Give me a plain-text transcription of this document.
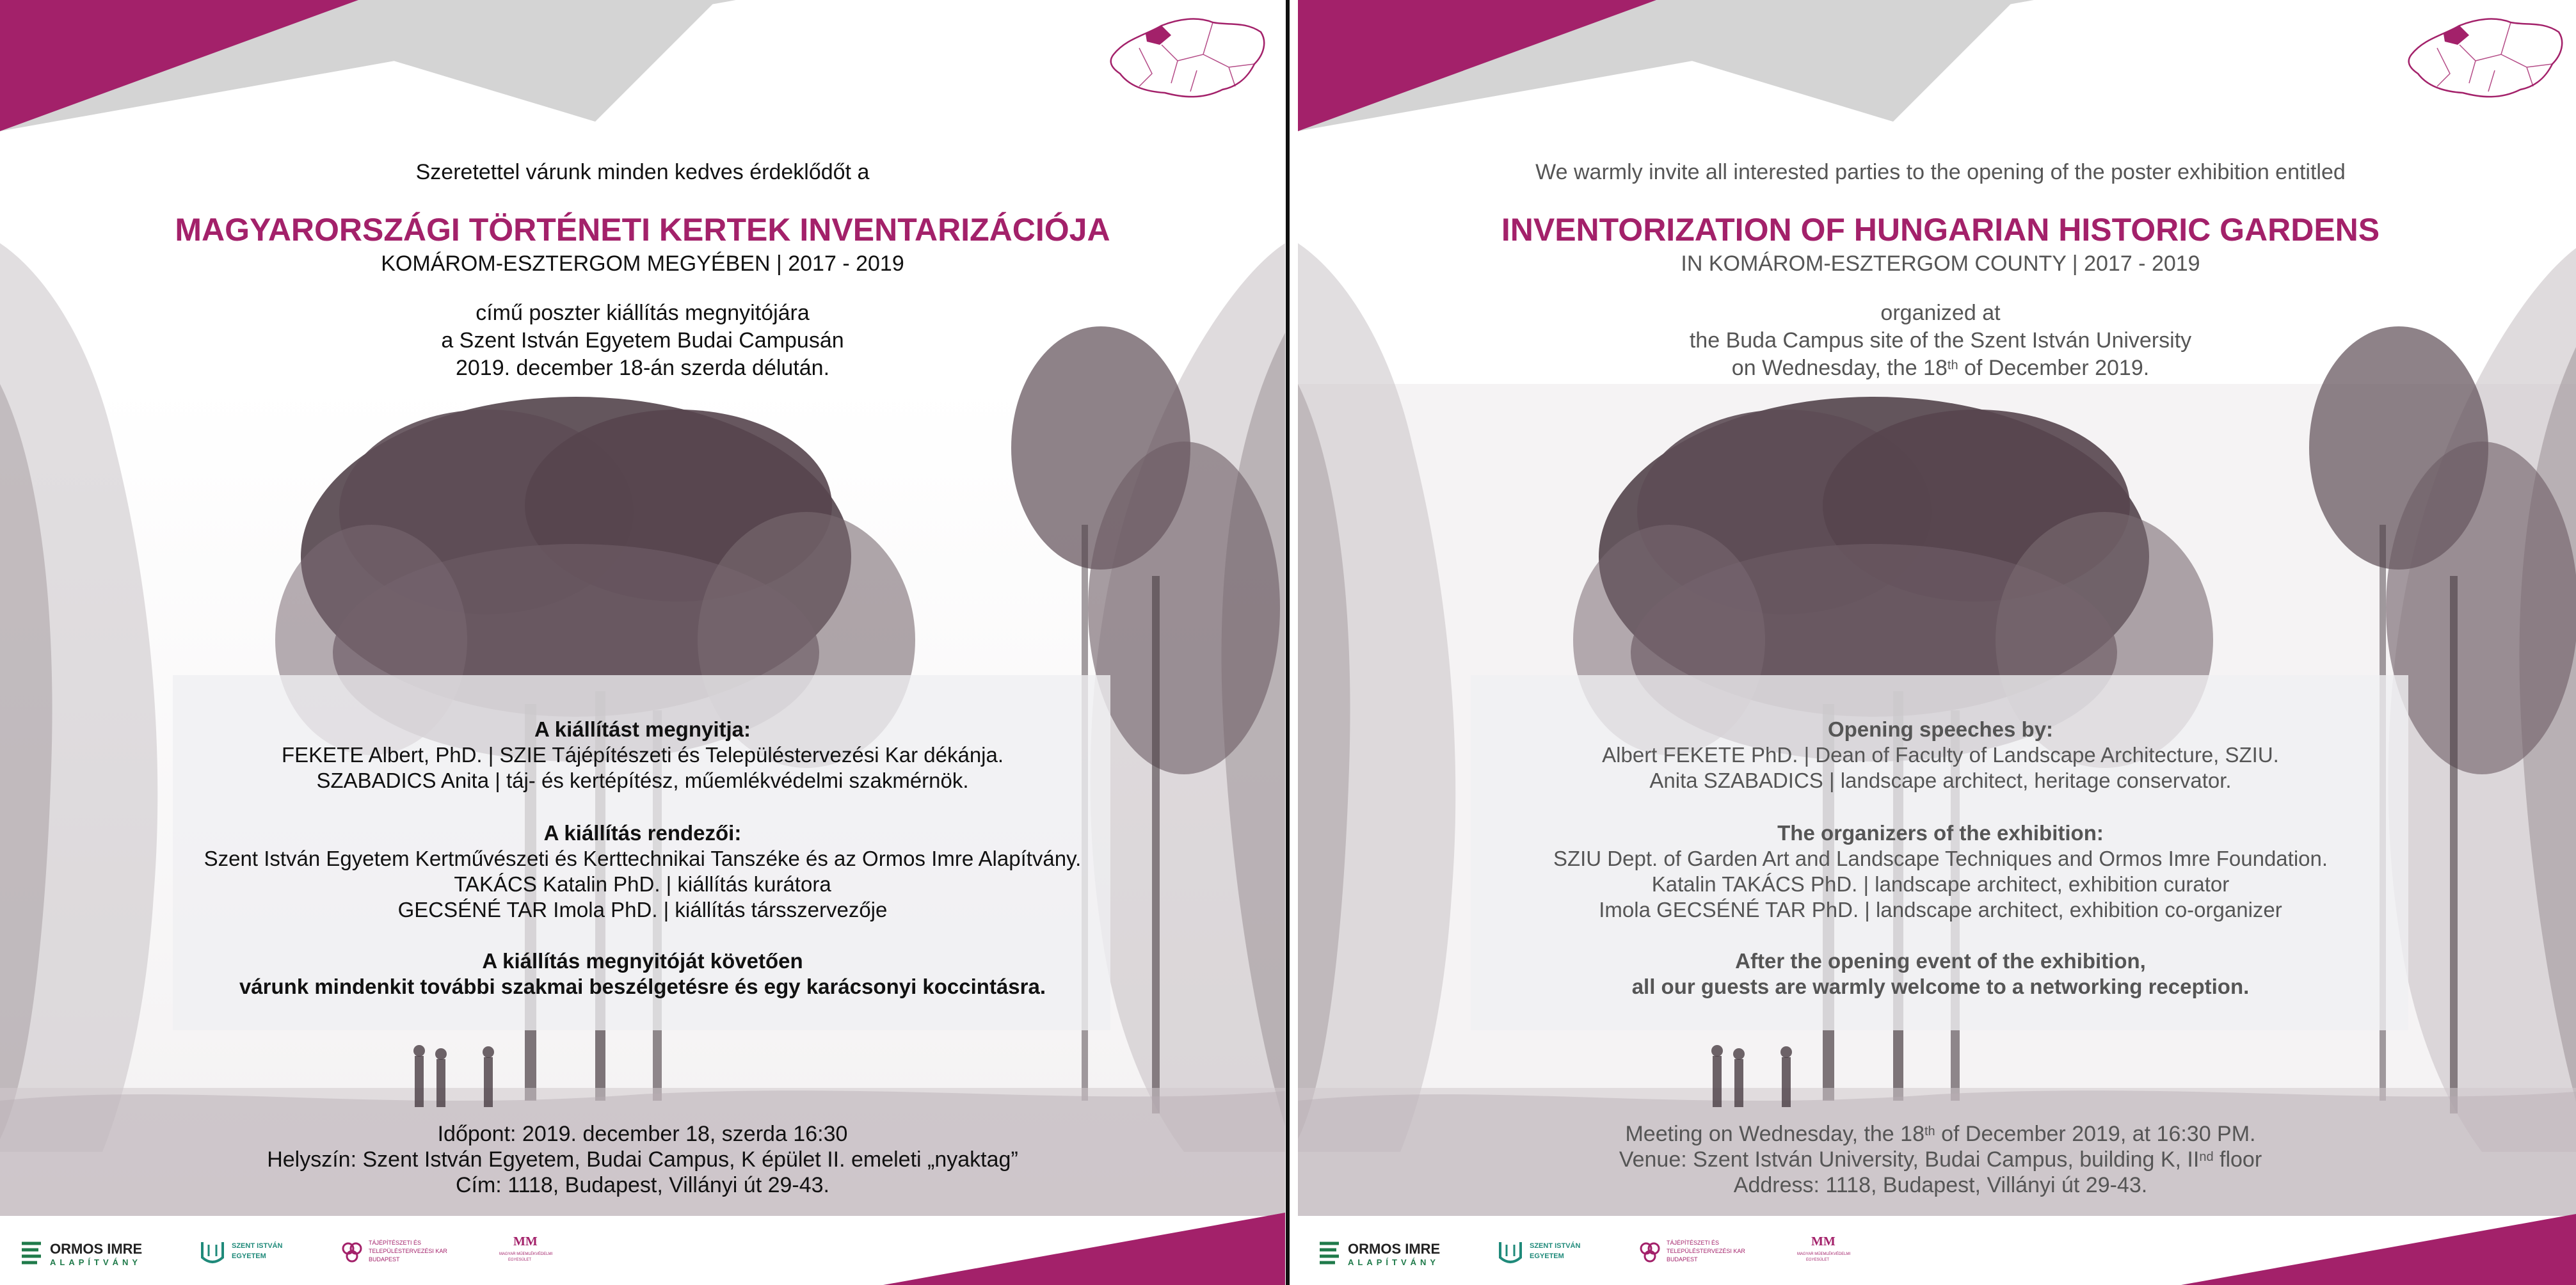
Szeretettel várunk minden kedves érdeklődőt a
MAGYARORSZÁGI TÖRTÉNETI KERTEK INVENTARIZÁCIÓJA
KOMÁROM-ESZTERGOM MEGYÉBEN | 2017 - 2019
című poszter kiállítás megnyitójára
a Szent István Egyetem Budai Campusán
2019. december 18-án szerda délután.
A kiállítást megnyitja:
FEKETE Albert, PhD. | SZIE Tájépítészeti és Településtervezési Kar dékánja.
SZABADICS Anita | táj- és kertépítész, műemlékvédelmi szakmérnök.
A kiállítás rendezői:
Szent István Egyetem Kertművészeti és Kerttechnikai Tanszéke és az Ormos Imre Alapítvány.
TAKÁCS Katalin PhD. | kiállítás kurátora
GECSÉNÉ TAR Imola PhD. | kiállítás társszervezője
A kiállítás megnyitóját követően
várunk mindenkit további szakmai beszélgetésre és egy karácsonyi koccintásra.
Időpont: 2019. december 18, szerda 16:30
Helyszín: Szent István Egyetem, Budai Campus, K épület II. emeleti „nyaktag”
Cím: 1118, Budapest, Villányi út 29-43.
ORMOS IMRE
ALAPÍTVÁNY
SZENT ISTVÁN
EGYETEM
TÁJÉPÍTÉSZETI ÉS
TELEPÜLÉSTERVEZÉSI KAR
BUDAPEST
MM
MAGYAR MŰEMLÉKVÉDELMI
EGYESÜLET
We warmly invite all interested parties to the opening of the poster exhibition entitled
INVENTORIZATION OF HUNGARIAN HISTORIC GARDENS
IN KOMÁROM-ESZTERGOM COUNTY | 2017 - 2019
organized at
the Buda Campus site of the Szent István University
on Wednesday, the 18th of December 2019.
Opening speeches by:
Albert FEKETE PhD. | Dean of Faculty of Landscape Architecture, SZIU.
Anita SZABADICS | landscape architect, heritage conservator.
The organizers of the exhibition:
SZIU Dept. of Garden Art and Landscape Techniques and Ormos Imre Foundation.
Katalin TAKÁCS PhD. | landscape architect, exhibition curator
Imola GECSÉNÉ TAR PhD. | landscape architect, exhibition co-organizer
After the opening event of the exhibition,
all our guests are warmly welcome to a networking reception.
Meeting on Wednesday, the 18th of December 2019, at 16:30 PM.
Venue: Szent István University, Budai Campus, building K, IInd floor
Address: 1118, Budapest, Villányi út 29-43.
ORMOS IMRE
ALAPÍTVÁNY
SZENT ISTVÁN
EGYETEM
TÁJÉPÍTÉSZETI ÉS
TELEPÜLÉSTERVEZÉSI KAR
BUDAPEST
MM
MAGYAR MŰEMLÉKVÉDELMI
EGYESÜLET
